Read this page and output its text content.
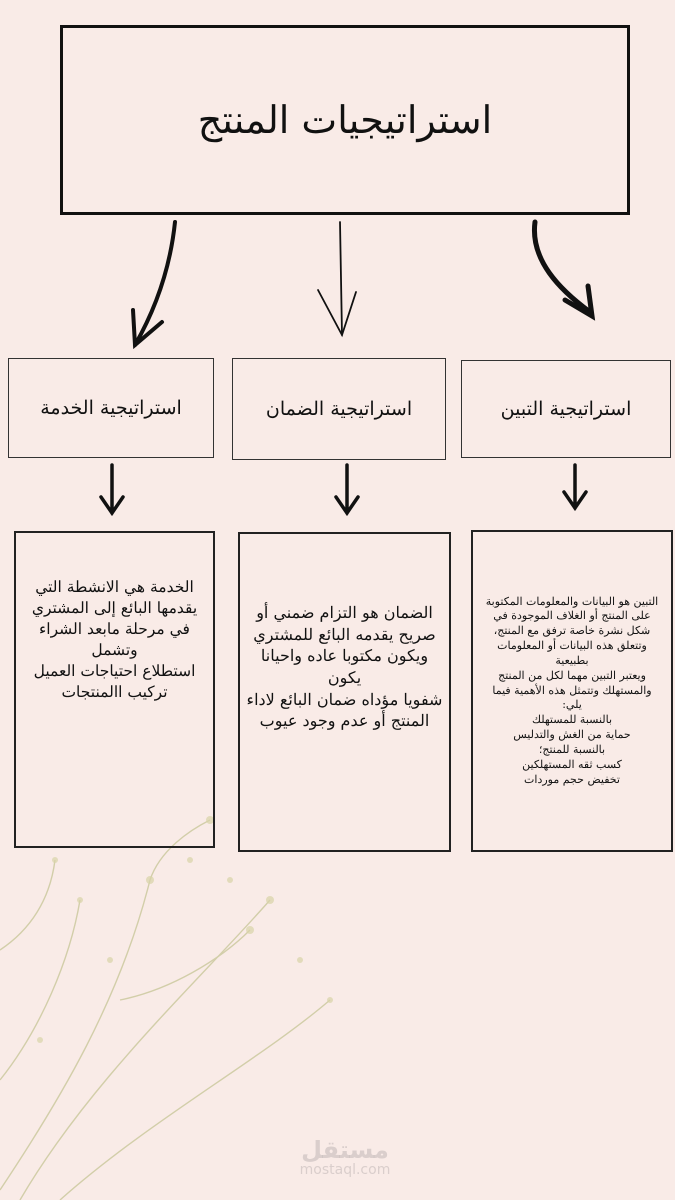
استراتيجيات المنتج
استراتيجية التبين
استراتيجية الضمان
استراتيجية الخدمة
التبين هو البيانات والمعلومات المكتوبة
على المنتج أو الغلاف الموجودة في
شكل نشرة خاصة ترفق مع المنتج،
وتتعلق هذه البيانات أو المعلومات
بطبيعية
ويعتبر التبين مهما لكل من المنتج
والمستهلك وتتمثل هذه الأهمية فيما
يلي:
بالنسبة للمستهلك
حماية من الغش والتدليس
بالنسبة للمنتج؛
كسب ثقه المستهلكين
تخفيض حجم موردات
الضمان هو التزام ضمني أو
صريح يقدمه البائع للمشتري
ويكون مكتوبا عاده واحيانا يكون
شفويا مؤداه ضمان البائع لاداء
المنتج أو عدم وجود عيوب
الخدمة هي الانشطة التي
يقدمها البائع إلى المشتري
في مرحلة مابعد الشراء
وتشمل
استطلاع احتياجات العميل
تركيب االمنتجات
مستقل
mostaql.com
